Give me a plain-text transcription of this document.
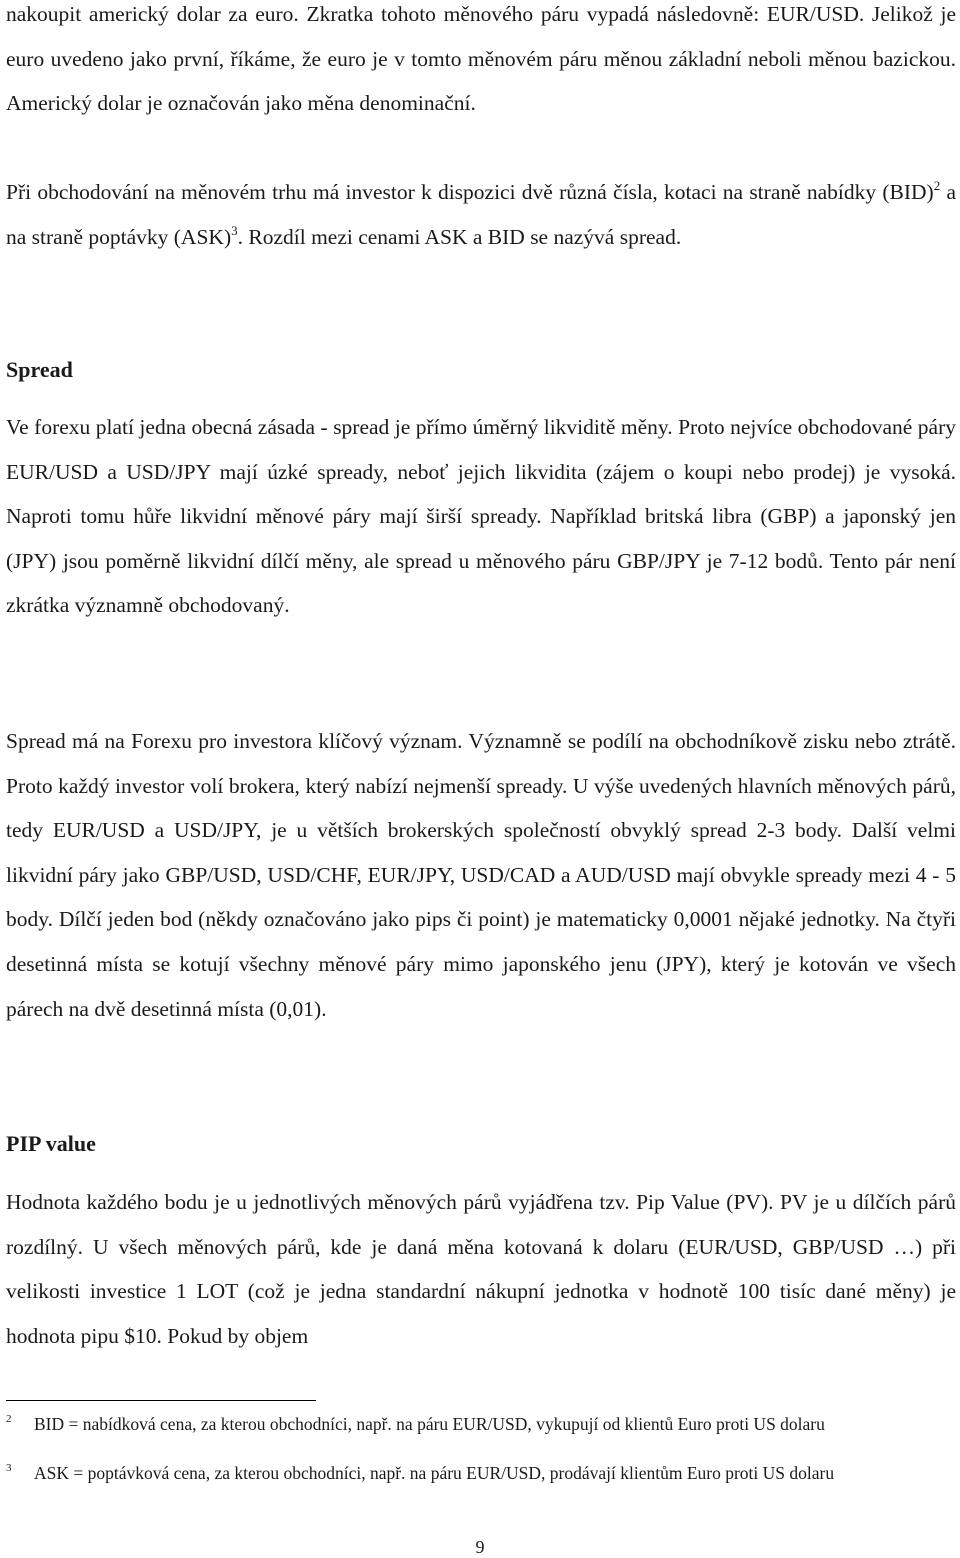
nakoupit americký dolar za euro. Zkratka tohoto měnového páru vypadá následovně: EUR/USD. Jelikož je euro uvedeno jako první, říkáme, že euro je v tomto měnovém páru měnou základní neboli měnou bazickou. Americký dolar je označován jako měna denominační.

Při obchodování na měnovém trhu má investor k dispozici dvě různá čísla, kotaci na straně nabídky (BID)$^2$ a na straně poptávky (ASK)$^3$. Rozdíl mezi cenami ASK a BID se nazývá spread.

Spread

Ve forexu platí jedna obecná zásada - spread je přímo úměrný likviditě měny. Proto nejvíce obchodované páry EUR/USD a USD/JPY mají úzké spready, neboť jejich likvidita (zájem o koupi nebo prodej) je vysoká. Naproti tomu hůře likvidní měnové páry mají širší spready. Například britská libra (GBP) a japonský jen (JPY) jsou poměrně likvidní dílčí měny, ale spread u měnového páru GBP/JPY je 7-12 bodů. Tento pár není zkrátka významně obchodovaný.

Spread má na Forexu pro investora klíčový význam. Významně se podílí na obchodníkově zisku nebo ztrátě. Proto každý investor volí brokera, který nabízí nejmenší spready. U výše uvedených hlavních měnových párů, tedy EUR/USD a USD/JPY, je u větších brokerských společností obvyklý spread 2-3 body. Další velmi likvidní páry jako GBP/USD, USD/CHF, EUR/JPY, USD/CAD a AUD/USD mají obvykle spready mezi 4 - 5 body. Dílčí jeden bod (někdy označováno jako pips či point) je matematicky 0,0001 nějaké jednotky. Na čtyři desetinná místa se kotují všechny měnové páry mimo japonského jenu (JPY), který je kotován ve všech párech na dvě desetinná místa (0,01).

PIP value

Hodnota každého bodu je u jednotlivých měnových párů vyjádřena tzv. Pip Value (PV). PV je u dílčích párů rozdílný. U všech měnových párů, kde je daná měna kotovaná k dolaru (EUR/USD, GBP/USD …) při velikosti investice 1 LOT (což je jedna standardní nákupní jednotka v hodnotě 100 tisíc dané měny) je hodnota pipu $10. Pokud by objem

2 BID = nabídková cena, za kterou obchodníci, např. na páru EUR/USD, vykupují od klientů Euro proti US dolaru

3 ASK = poptávková cena, za kterou obchodníci, např. na páru EUR/USD, prodávají klientům Euro proti US dolaru

9
